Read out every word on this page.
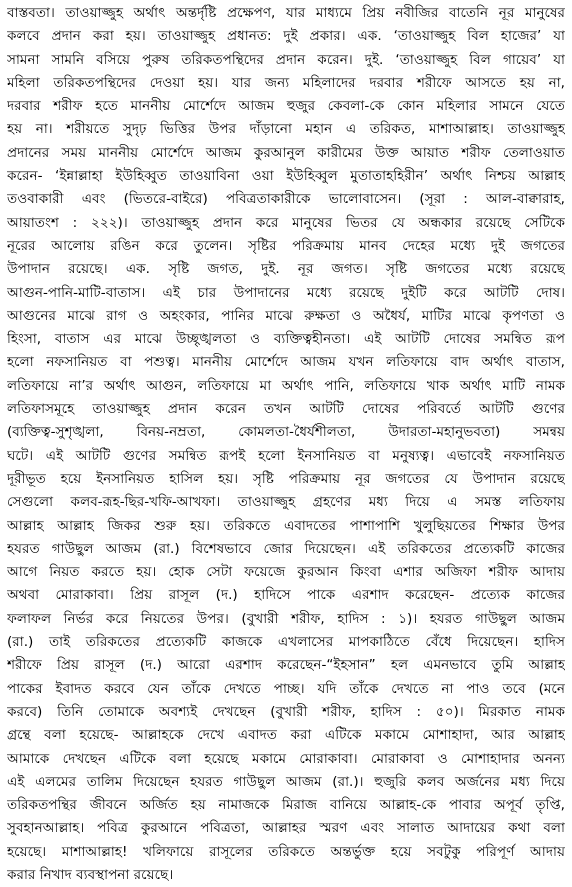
বাস্তবতা। তাওয়াজ্জুহ অর্থাৎ অন্তর্দৃষ্টি প্রক্ষেপণ, যার মাধ্যমে প্রিয় নবীজির বাতেনি নূর মানুষের
কলবে প্রদান করা হয়। তাওয়াজ্জুহ প্রধানত: দুই প্রকার। এক. ‘তাওয়াজ্জুহ বিল হাজের’ যা
সামনা সামনি বসিয়ে পুরুষ তরিকতপন্থিদের প্রদান করেন। দুই. ‘তাওয়াজ্জুহ বিল গায়েব’ যা
মহিলা তরিকতপন্থিদের দেওয়া হয়। যার জন্য মহিলাদের দরবার শরীফে আসতে হয় না,
দরবার শরীফ হতে মাননীয় মোর্শেদে আজম হুজুর কেবলা-কে কোন মহিলার সামনে যেতে
হয় না। শরীয়তে সুদৃঢ় ভিত্তির উপর দাঁড়ানো মহান এ তরিকত, মাশাআল্লাহ। তাওয়াজ্জুহ
প্রদানের সময় মাননীয় মোর্শেদে আজম কুরআনুল কারীমের উক্ত আয়াত শরীফ তেলাওয়াত
করেন- ‘ইন্নাল্লাহা ইউহিব্বুত তাওয়াবিনা ওয়া ইউহিব্বুল মুতাতাহহিরীন’ অর্থাৎ নিশ্চয় আল্লাহ
তওবাকারী এবং (ভিতরে-বাইরে) পবিত্রতাকারীকে ভালোবাসেন। (সূরা : আল-বাক্বারাহ,
আয়াতংশ : ২২২)। তাওয়াজ্জুহ প্রদান করে মানুষের ভিতর যে অন্ধকার রয়েছে সেটিকে
নূরের আলোয় রঙিন করে তুলেন। সৃষ্টির পরিক্রমায় মানব দেহের মধ্যে দুই জগতের
উপাদান রয়েছে। এক. সৃষ্টি জগত, দুই. নূর জগত। সৃষ্টি জগতের মধ্যে রয়েছে
আগুন-পানি-মাটি-বাতাস। এই চার উপাদানের মধ্যে রয়েছে দুইটি করে আটটি দোষ।
আগুনের মাঝে রাগ ও অহংকার, পানির মাঝে রুক্ষতা ও অধৈর্য, মাটির মাঝে কৃপণতা ও
হিংসা, বাতাস এর মাঝে উচ্ছৃঙ্খলতা ও ব্যক্তিত্বহীনতা। এই আটটি দোষের সমন্বিত রূপ
হলো নফসানিয়ত বা পশুত্ব। মাননীয় মোর্শেদে আজম যখন লতিফায়ে বাদ অর্থাৎ বাতাস,
লতিফায়ে না’র অর্থাৎ আগুন, লতিফায়ে মা অর্থাৎ পানি, লতিফায়ে খাক অর্থাৎ মাটি নামক
লতিফাসমূহে তাওয়াজ্জুহ প্রদান করেন তখন আটটি দোষের পরিবর্তে আটটি গুণের
(ব্যক্তিত্ব-সুশৃঙ্খলা, বিনয়-নম্রতা, কোমলতা-ধৈর্যশীলতা, উদারতা-মহানুভবতা) সমন্বয়
ঘটে। এই আটটি গুণের সমন্বিত রূপই হলো ইনসানিয়ত বা মনুষ্যত্ব। এভাবেই নফসানিয়ত
দূরীভূত হয়ে ইনসানিয়ত হাসিল হয়। সৃষ্টি পরিক্রমায় নূর জগতের যে উপাদান রয়েছে
সেগুলো কলব-রূহ-ছির-খফি-আখফা। তাওয়াজ্জুহ গ্রহণের মধ্য দিয়ে এ সমস্ত লতিফায়
আল্লাহ আল্লাহ জিকর শুরু হয়। তরিকতে এবাদতের পাশাপাশি খুলুছিয়তের শিক্ষার উপর
হযরত গাউছুল আজম (রা.) বিশেষভাবে জোর দিয়েছেন। এই তরিকতের প্রত্যেকটি কাজের
আগে নিয়ত করতে হয়। হোক সেটা ফয়েজে কুরআন কিংবা এশার অজিফা শরীফ আদায়
অথবা মোরাকাবা। প্রিয় রাসূল (দ.) হাদিসে পাকে এরশাদ করেছেন- প্রত্যেক কাজের
ফলাফল নির্ভর করে নিয়তের উপর। (বুখারী শরীফ, হাদিস : ১)। হযরত গাউছুল আজম
(রা.) তাই তরিকতের প্রত্যেকটি কাজকে এখলাসের মাপকাঠিতে বেঁধে দিয়েছেন। হাদিস
শরীফে প্রিয় রাসূল (দ.) আরো এরশাদ করেছেন-“ইহসান” হল এমনভাবে তুমি আল্লাহ
পাকের ইবাদত করবে যেন তাঁকে দেখতে পাচ্ছ। যদি তাঁকে দেখতে না পাও তবে (মনে
করবে) তিনি তোমাকে অবশ্যই দেখছেন (বুখারী শরীফ, হাদিস : ৫০)। মিরকাত নামক
গ্রন্থে বলা হয়েছে- আল্লাহকে দেখে এবাদত করা এটিকে মকামে মোশাহাদা, আর আল্লাহ
আমাকে দেখছেন এটিকে বলা হয়েছে মকামে মোরাকাবা। মোরাকাবা ও মোশাহাদার অনন্য
এই এলমের তালিম দিয়েছেন হযরত গাউছুল আজম (রা.)। হুজুরি কলব অর্জনের মধ্য দিয়ে
তরিকতপন্থির জীবনে অর্জিত হয় নামাজকে মিরাজ বানিয়ে আল্লাহ-কে পাবার অপূর্ব তৃপ্তি,
সুবহানআল্লাহ। পবিত্র কুরআনে পবিত্রতা, আল্লাহর স্মরণ এবং সালাত আদায়ের কথা বলা
হয়েছে। মাশাআল্লাহ! খলিফায়ে রাসূলের তরিকতে অন্তর্ভুক্ত হয়ে সবটুকু পরিপূর্ণ আদায়
করার নিখাদ ব্যবস্থাপনা রয়েছে।
